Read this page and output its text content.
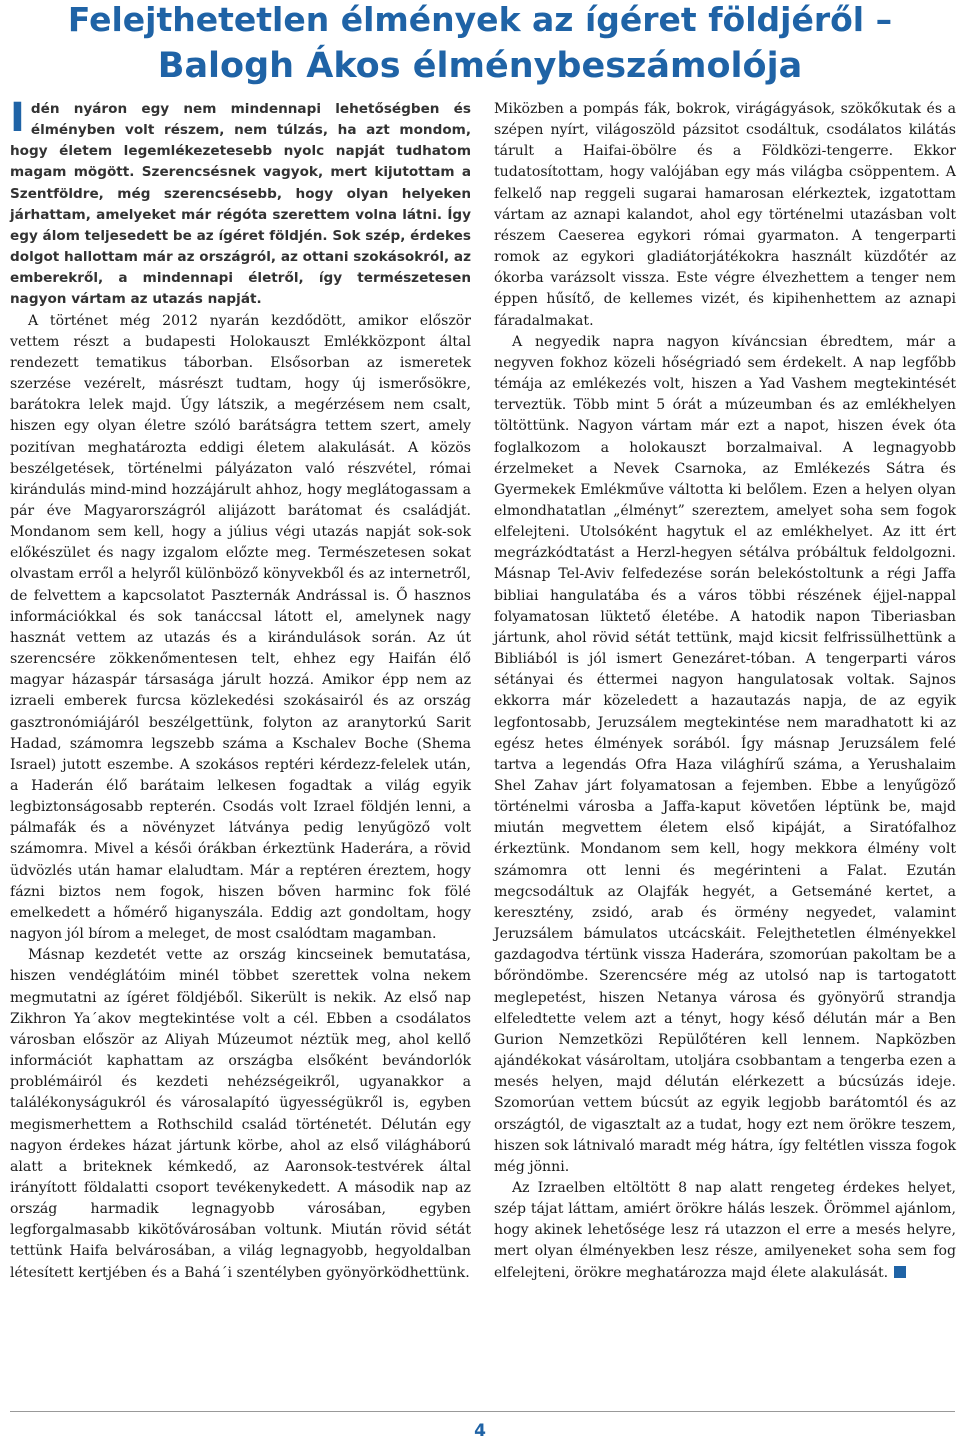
Felejthetetlen élmények az ígéret földjéről –
Balogh Ákos élménybeszámolója

Idén nyáron egy nem mindennapi lehetőségben és élményben volt részem, nem túlzás, ha azt mondom, hogy életem legemlékezetesebb nyolc napját tudhatom magam mögött. Szerencsésnek vagyok, mert kijutottam a Szentföldre, még szerencsésebb, hogy olyan helyeken járhattam, amelyeket már régóta szerettem volna látni. Így egy álom teljesedett be az ígéret földjén. Sok szép, érdekes dolgot hallottam már az országról, az ottani szokásokról, az emberekről, a mindennapi életről, így természetesen nagyon vártam az utazás napját.

A történet még 2012 nyarán kezdődött, amikor először vettem részt a budapesti Holokauszt Emlékközpont által rendezett tematikus táborban. Elsősorban az ismeretek szerzése vezérelt, másrészt tudtam, hogy új ismerősökre, barátokra lelek majd. Úgy látszik, a megérzésem nem csalt, hiszen egy olyan életre szóló barátságra tettem szert, amely pozitívan meghatározta eddigi életem alakulását. A közös beszélgetések, történelmi pályázaton való részvétel, római kirándulás mind-mind hozzájárult ahhoz, hogy meglátogassam a pár éve Magyarországról alijázott barátomat és családját. Mondanom sem kell, hogy a július végi utazás napját sok-sok előkészület és nagy izgalom előzte meg. Természetesen sokat olvastam erről a helyről különböző könyvekből és az internetről, de felvettem a kapcsolatot Paszternák Andrással is. Ő hasznos információkkal és sok tanáccsal látott el, amelynek nagy hasznát vettem az utazás és a kirándulások során. Az út szerencsére zökkenőmentesen telt, ehhez egy Haifán élő magyar házaspár társasága járult hozzá. Amikor épp nem az izraeli emberek furcsa közlekedési szokásairól és az ország gasztronómiájáról beszélgettünk, folyton az aranytorkú Sarit Hadad, számomra legszebb száma a Kschalev Boche (Shema Israel) jutott eszembe. A szokásos reptéri kérdezz-felelek után, a Haderán élő barátaim lelkesen fogadtak a világ egyik legbiztonságosabb repterén. Csodás volt Izrael földjén lenni, a pálmafák és a növényzet látványa pedig lenyűgöző volt számomra. Mivel a késői órákban érkeztünk Haderára, a rövid üdvözlés után hamar elaludtam. Már a reptéren éreztem, hogy fázni biztos nem fogok, hiszen bőven harminc fok fölé emelkedett a hőmérő higanyszála. Eddig azt gondoltam, hogy nagyon jól bírom a meleget, de most csalódtam magamban.

Másnap kezdetét vette az ország kincseinek bemutatása, hiszen vendéglátóim minél többet szerettek volna nekem megmutatni az ígéret földjéből. Sikerült is nekik. Az első nap Zikhron Ya´akov megtekintése volt a cél. Ebben a csodálatos városban először az Aliyah Múzeumot néztük meg, ahol kellő információt kaphattam az országba elsőként bevándorlók problémáiról és kezdeti nehézségeikről, ugyanakkor a találékonyságukról és városalapító ügyességükről is, egyben megismerhettem a Rothschild család történetét. Délután egy nagyon érdekes házat jártunk körbe, ahol az első világháború alatt a briteknek kémkedő, az Aaronsok-testvérek által irányított földalatti csoport tevékenykedett. A második nap az ország harmadik legnagyobb városában, egyben legforgalmasabb kikötővárosában voltunk. Miután rövid sétát tettünk Haifa belvárosában, a világ legnagyobb, hegyoldalban létesített kertjében és a Bahá´i szentélyben gyönyörködhettünk.

Miközben a pompás fák, bokrok, virágágyások, szökőkutak és a szépen nyírt, világoszöld pázsitot csodáltuk, csodálatos kilátás tárult a Haifai-öbölre és a Földközi-tengerre. Ekkor tudatosítottam, hogy valójában egy más világba csöppentem. A felkelő nap reggeli sugarai hamarosan elérkeztek, izgatottam vártam az aznapi kalandot, ahol egy történelmi utazásban volt részem Caeserea egykori római gyarmaton. A tengerparti romok az egykori gladiátorjátékokra használt küzdőtér az ókorba varázsolt vissza. Este végre élvezhettem a tenger nem éppen hűsítő, de kellemes vizét, és kipihenhettem az aznapi fáradalmakat.

A negyedik napra nagyon kíváncsian ébredtem, már a negyven fokhoz közeli hőségriadó sem érdekelt. A nap legfőbb témája az emlékezés volt, hiszen a Yad Vashem megtekintését terveztük. Több mint 5 órát a múzeumban és az emlékhelyen töltöttünk. Nagyon vártam már ezt a napot, hiszen évek óta foglalkozom a holokauszt borzalmaival. A legnagyobb érzelmeket a Nevek Csarnoka, az Emlékezés Sátra és Gyermekek Emlékműve váltotta ki belőlem. Ezen a helyen olyan elmondhatatlan „élményt” szereztem, amelyet soha sem fogok elfelejteni. Utolsóként hagytuk el az emlékhelyet. Az itt ért megrázkódtatást a Herzl-hegyen sétálva próbáltuk feldolgozni. Másnap Tel-Aviv felfedezése során belekóstoltunk a régi Jaffa bibliai hangulatába és a város többi részének éjjel-nappal folyamatosan lüktető életébe. A hatodik napon Tiberiasban jártunk, ahol rövid sétát tettünk, majd kicsit felfrissülhettünk a Bibliából is jól ismert Genezáret-tóban. A tengerparti város sétányai és éttermei nagyon hangulatosak voltak. Sajnos ekkorra már közeledett a hazautazás napja, de az egyik legfontosabb, Jeruzsálem megtekintése nem maradhatott ki az egész hetes élmények sorából. Így másnap Jeruzsálem felé tartva a legendás Ofra Haza világhírű száma, a Yerushalaim Shel Zahav járt folyamatosan a fejemben. Ebbe a lenyűgöző történelmi városba a Jaffa-kaput követően léptünk be, majd miután megvettem életem első kipáját, a Siratófalhoz érkeztünk. Mondanom sem kell, hogy mekkora élmény volt számomra ott lenni és megérinteni a Falat. Ezután megcsodáltuk az Olajfák hegyét, a Getsemáné kertet, a keresztény, zsidó, arab és örmény negyedet, valamint Jeruzsálem bámulatos utcácskáit. Felejthetetlen élményekkel gazdagodva tértünk vissza Haderára, szomorúan pakoltam be a bőröndömbe. Szerencsére még az utolsó nap is tartogatott meglepetést, hiszen Netanya városa és gyönyörű strandja elfeledtette velem azt a tényt, hogy késő délután már a Ben Gurion Nemzetközi Repülőtéren kell lennem. Napközben ajándékokat vásároltam, utoljára csobbantam a tengerba ezen a mesés helyen, majd délután elérkezett a búcsúzás ideje. Szomorúan vettem búcsút az egyik legjobb barátomtól és az országtól, de vigasztalt az a tudat, hogy ezt nem örökre teszem, hiszen sok látnivaló maradt még hátra, így feltétlen vissza fogok még jönni.

Az Izraelben eltöltött 8 nap alatt rengeteg érdekes helyet, szép tájat láttam, amiért örökre hálás leszek. Örömmel ajánlom, hogy akinek lehetősége lesz rá utazzon el erre a mesés helyre, mert olyan élményekben lesz része, amilyeneket soha sem fog elfelejteni, örökre meghatározza majd élete alakulását.

4
